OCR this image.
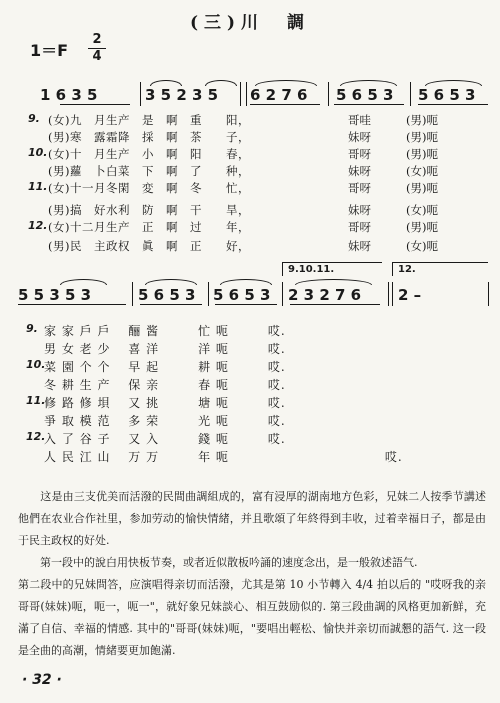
(三)川　調
1＝F
2
4
1 6 3 5	3 5 2 3 5 6 2 7 6 5 6 5 3 5 6 5 3
9. (女)九　月生产　是　啊　重　　阳，	哥哇	(男)呃
(男)寒　露霜降　採　啊　茶　　子，	妹呀	(男)呃
10. (女)十　月生产　小　啊　阳　　春，	哥呀	(男)呃
(男)蘿　卜白菜　下　啊　了　　种，	妹呀	(女)呃
11. (女)十一月冬閑　変　啊　冬　　忙，	哥呀	(男)呃
(男)搞　好水利　防　啊　干　　旱，	妹呀	(女)呃
12. (女)十二月生产　正　啊　过　　年，	哥呀	(男)呃
(男)民　主政权　眞　啊　正　　好，	妹呀	(女)呃
9.10.11.	12.
5 5 3 5 3	5 6 5 3 5 6 5 3 2 3 2 7 6 2 –
9. 家 家 戶 戶　 酾 酱　　　忙 呃　　　哎.
男 女 老 少　 喜 洋　　　洋 呃　　　哎.
10.
菜 園 个 个　 早 起　　　耕 呃　　　哎.
冬 耕 生 产　 保 亲　　　春 呃　　　哎.
11.
修 路 修 垻　 又 挑　　　塘 呃　　　哎.
爭 取 模 范　 多 荣　　　光 呃　　　哎.
12.
入 了 谷 子　 又 入　　　錢 呃　　　哎.
人 民 江 山　 万 万　　　年 呃　　　　　　　　　　　　哎.
　　这是由三支优美而活潑的民間曲調組成的，富有浸厚的湖南地方色彩，兄妹二人按季节講述他們在农业合作社里，参加劳动的愉快情緒，并且歌頌了年終得到丰收，过着幸福日子，都是由于民主政权的好处.
　　第一段中的說白用快板节奏，或者近似散板吟誦的速度念出，是一般敘述語气.
第二段中的兄妹問答，应演唱得亲切而活潑，尤其是第 10 小节轉入 4/4 拍以后的 "哎呀我的亲哥哥(妹妹)呃，呃一，呃一"，就好象兄妹談心、相互鼓励似的. 第三段曲調的风格更加新鮮，充滿了自信、幸福的情感. 其中的"哥哥(妹妹)呃，"要唱出輕松、愉快并亲切而誠懇的語气. 这一段是全曲的高潮，情緒要更加飽滿.
· 32 ·
